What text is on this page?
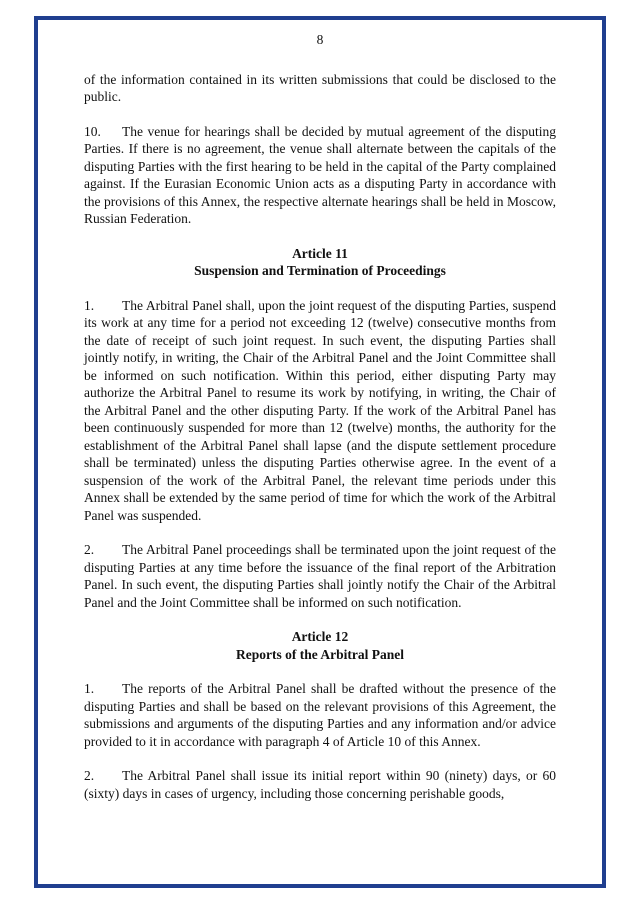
8

of the information contained in its written submissions that could be disclosed to the public.

10. The venue for hearings shall be decided by mutual agreement of the disputing Parties. If there is no agreement, the venue shall alternate between the capitals of the disputing Parties with the first hearing to be held in the capital of the Party complained against. If the Eurasian Economic Union acts as a disputing Party in accordance with the provisions of this Annex, the respective alternate hearings shall be held in Moscow, Russian Federation.

Article 11
Suspension and Termination of Proceedings

1. The Arbitral Panel shall, upon the joint request of the disputing Parties, suspend its work at any time for a period not exceeding 12 (twelve) consecutive months from the date of receipt of such joint request. In such event, the disputing Parties shall jointly notify, in writing, the Chair of the Arbitral Panel and the Joint Committee shall be informed on such notification. Within this period, either disputing Party may authorize the Arbitral Panel to resume its work by notifying, in writing, the Chair of the Arbitral Panel and the other disputing Party. If the work of the Arbitral Panel has been continuously suspended for more than 12 (twelve) months, the authority for the establishment of the Arbitral Panel shall lapse (and the dispute settlement procedure shall be terminated) unless the disputing Parties otherwise agree. In the event of a suspension of the work of the Arbitral Panel, the relevant time periods under this Annex shall be extended by the same period of time for which the work of the Arbitral Panel was suspended.

2. The Arbitral Panel proceedings shall be terminated upon the joint request of the disputing Parties at any time before the issuance of the final report of the Arbitration Panel. In such event, the disputing Parties shall jointly notify the Chair of the Arbitral Panel and the Joint Committee shall be informed on such notification.

Article 12
Reports of the Arbitral Panel

1. The reports of the Arbitral Panel shall be drafted without the presence of the disputing Parties and shall be based on the relevant provisions of this Agreement, the submissions and arguments of the disputing Parties and any information and/or advice provided to it in accordance with paragraph 4 of Article 10 of this Annex.

2. The Arbitral Panel shall issue its initial report within 90 (ninety) days, or 60 (sixty) days in cases of urgency, including those concerning perishable goods,
